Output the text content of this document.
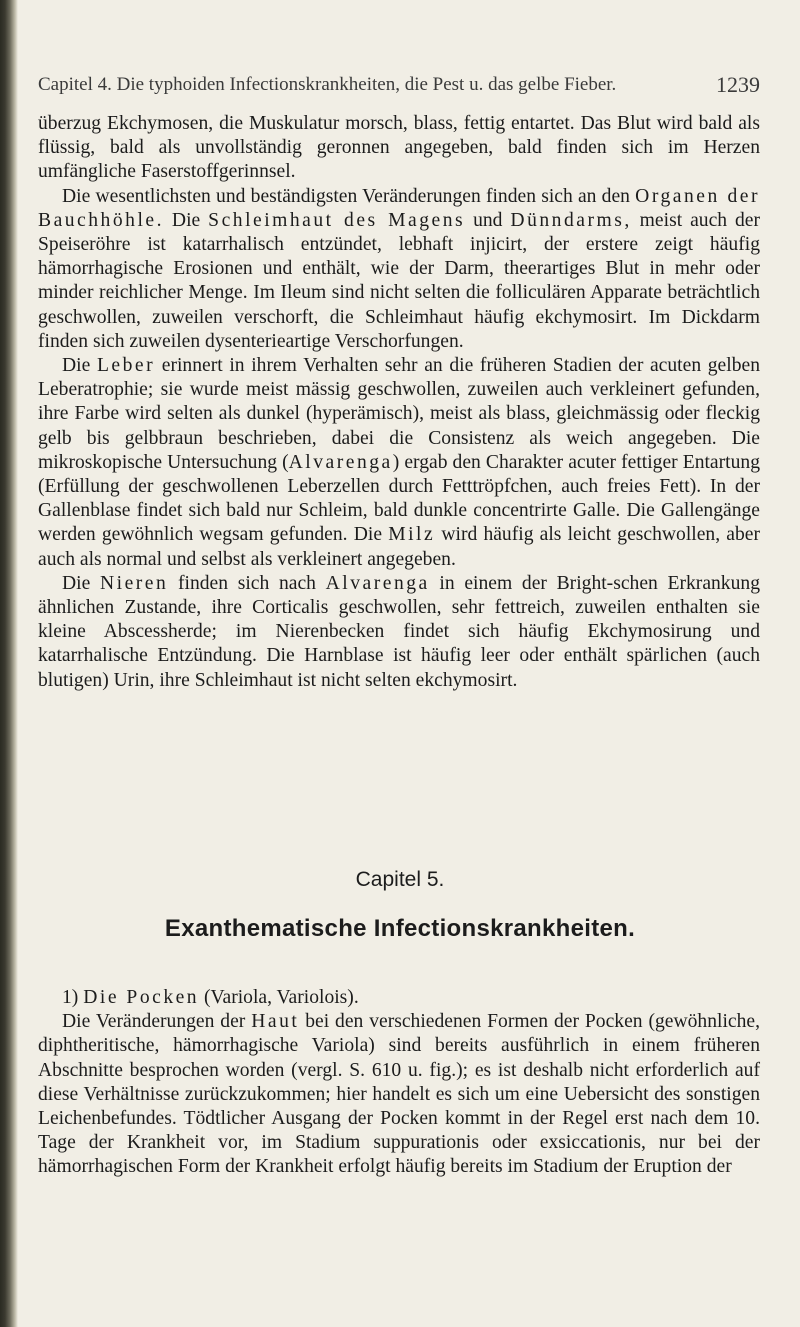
Capitel 4. Die typhoiden Infectionskrankheiten, die Pest u. das gelbe Fieber.	1239

überzug Ekchymosen, die Muskulatur morsch, blass, fettig entartet. Das Blut wird bald als flüssig, bald als unvollständig geronnen angegeben, bald finden sich im Herzen umfängliche Faserstoffgerinnsel.

Die wesentlichsten und beständigsten Veränderungen finden sich an den Organen der Bauchhöhle. Die Schleimhaut des Magens und Dünndarms, meist auch der Speiseröhre ist katarrhalisch entzündet, lebhaft injicirt, der erstere zeigt häufig hämorrhagische Erosionen und enthält, wie der Darm, theerartiges Blut in mehr oder minder reichlicher Menge. Im Ileum sind nicht selten die folliculären Apparate beträchtlich geschwollen, zuweilen verschorft, die Schleimhaut häufig ekchymosirt. Im Dickdarm finden sich zuweilen dysenterieartige Verschorfungen.

Die Leber erinnert in ihrem Verhalten sehr an die früheren Stadien der acuten gelben Leberatrophie; sie wurde meist mässig geschwollen, zuweilen auch verkleinert gefunden, ihre Farbe wird selten als dunkel (hyperämisch), meist als blass, gleichmässig oder fleckig gelb bis gelbbraun beschrieben, dabei die Consistenz als weich angegeben. Die mikroskopische Untersuchung (Alvarenga) ergab den Charakter acuter fettiger Entartung (Erfüllung der geschwollenen Leberzellen durch Fetttröpfchen, auch freies Fett). In der Gallenblase findet sich bald nur Schleim, bald dunkle concentrirte Galle. Die Gallengänge werden gewöhnlich wegsam gefunden. Die Milz wird häufig als leicht geschwollen, aber auch als normal und selbst als verkleinert angegeben.

Die Nieren finden sich nach Alvarenga in einem der Bright-schen Erkrankung ähnlichen Zustande, ihre Corticalis geschwollen, sehr fettreich, zuweilen enthalten sie kleine Abscessherde; im Nierenbecken findet sich häufig Ekchymosirung und katarrhalische Entzündung. Die Harnblase ist häufig leer oder enthält spärlichen (auch blutigen) Urin, ihre Schleimhaut ist nicht selten ekchymosirt.

Capitel 5.
Exanthematische Infectionskrankheiten.

1) Die Pocken (Variola, Variolois).

Die Veränderungen der Haut bei den verschiedenen Formen der Pocken (gewöhnliche, diphtheritische, hämorrhagische Variola) sind bereits ausführlich in einem früheren Abschnitte besprochen worden (vergl. S. 610 u. fig.); es ist deshalb nicht erforderlich auf diese Verhältnisse zurückzukommen; hier handelt es sich um eine Uebersicht des sonstigen Leichenbefundes. Tödtlicher Ausgang der Pocken kommt in der Regel erst nach dem 10. Tage der Krankheit vor, im Stadium suppurationis oder exsiccationis, nur bei der hämorrhagischen Form der Krankheit erfolgt häufig bereits im Stadium der Eruption der
